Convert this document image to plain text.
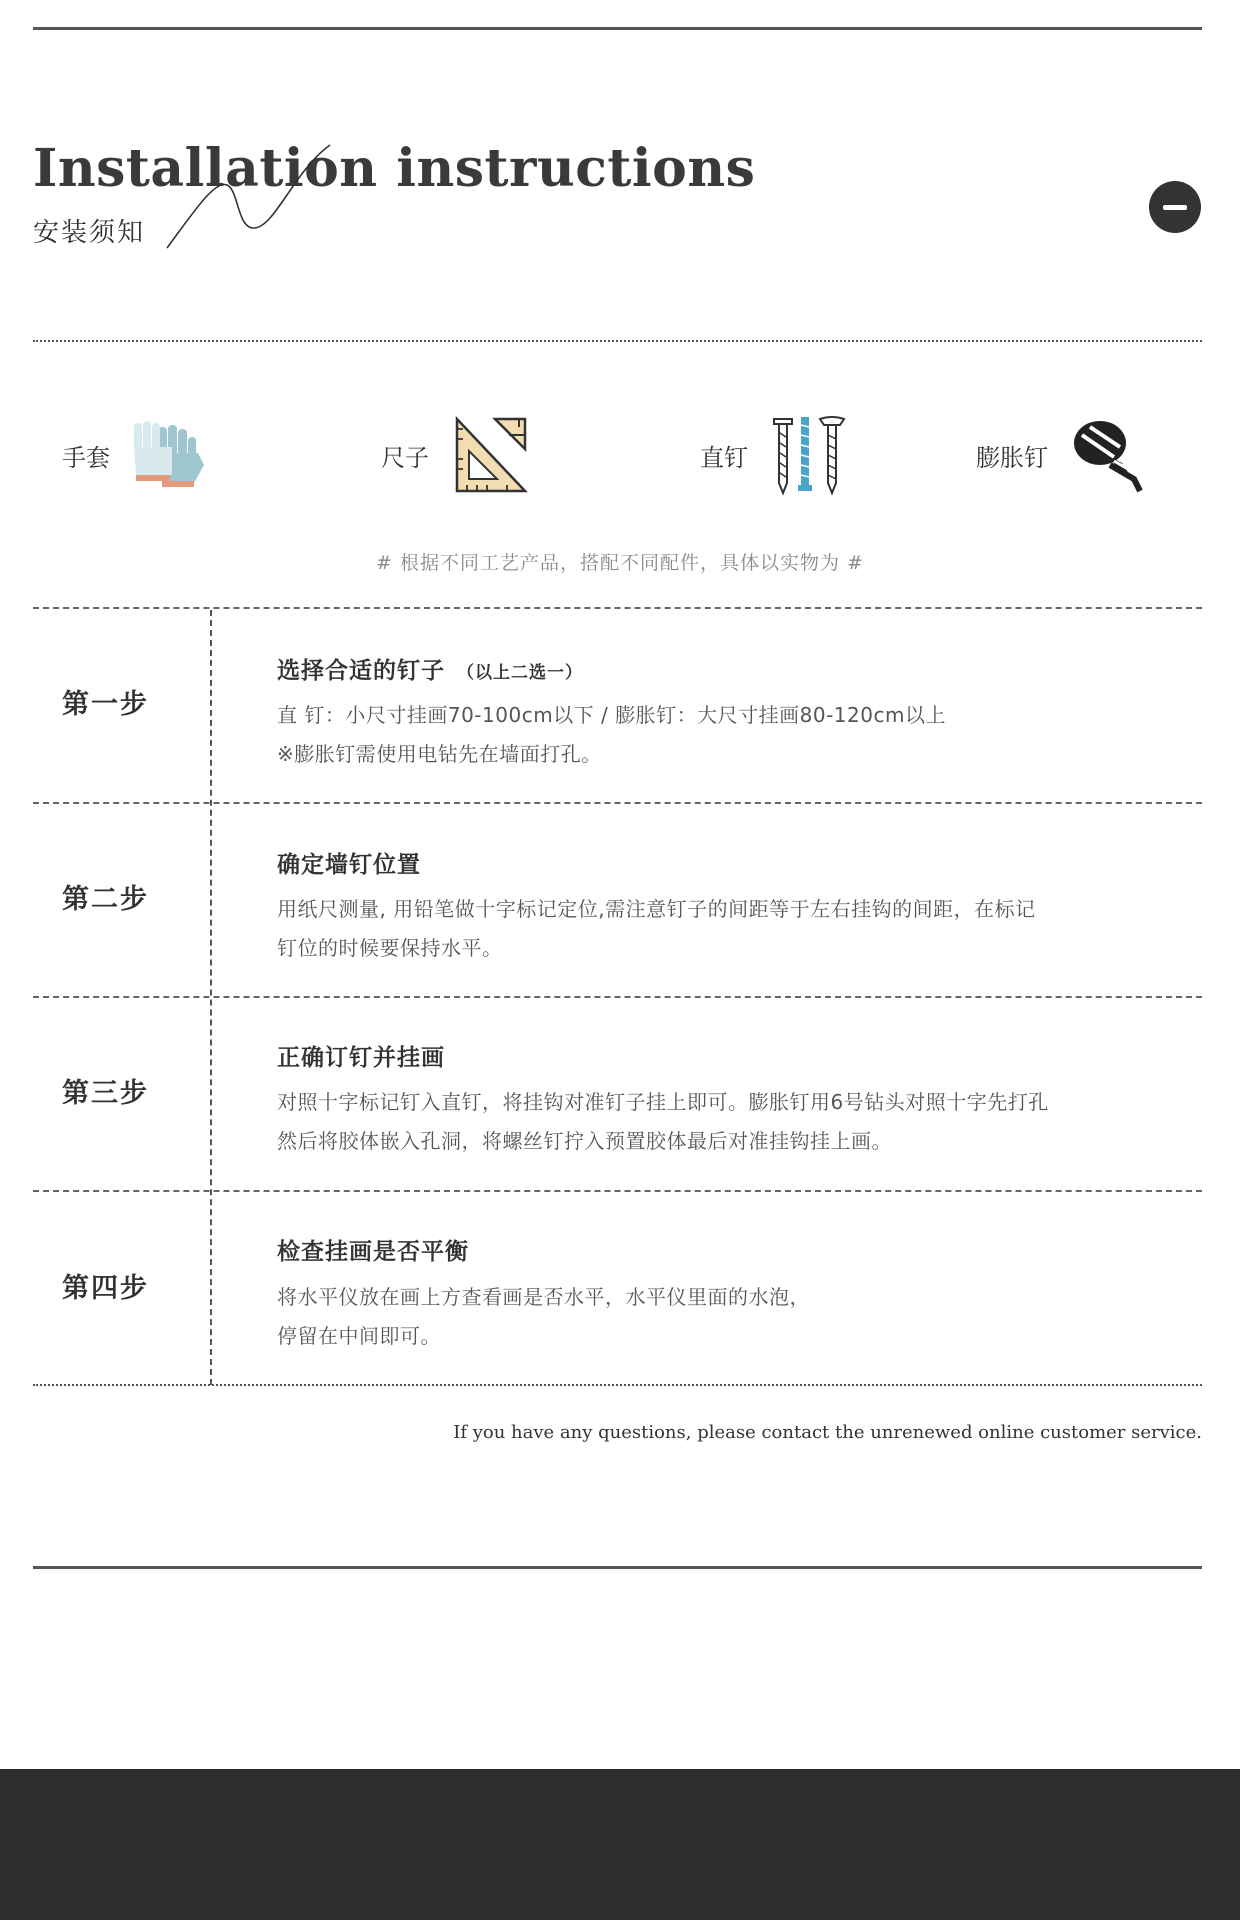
Installation instructions
安装须知
手套	尺子	直钉	膨胀钉
# 根据不同工艺产品，搭配不同配件，具体以实物为 #
第一步
选择合适的钉子 （以上二选一）
直 钉：小尺寸挂画70-100cm以下 / 膨胀钉：大尺寸挂画80-120cm以上
※膨胀钉需使用电钻先在墙面打孔。
第二步
确定墙钉位置
用纸尺测量, 用铅笔做十字标记定位,需注意钉子的间距等于左右挂钩的间距，在标记
钉位的时候要保持水平。
第三步
正确订钉并挂画
对照十字标记钉入直钉，将挂钩对准钉子挂上即可。膨胀钉用6号钻头对照十字先打孔
然后将胶体嵌入孔洞，将螺丝钉拧入预置胶体最后对准挂钩挂上画。
第四步
检查挂画是否平衡
将水平仪放在画上方查看画是否水平，水平仪里面的水泡，
停留在中间即可。
If you have any questions, please contact the unrenewed online customer service.
